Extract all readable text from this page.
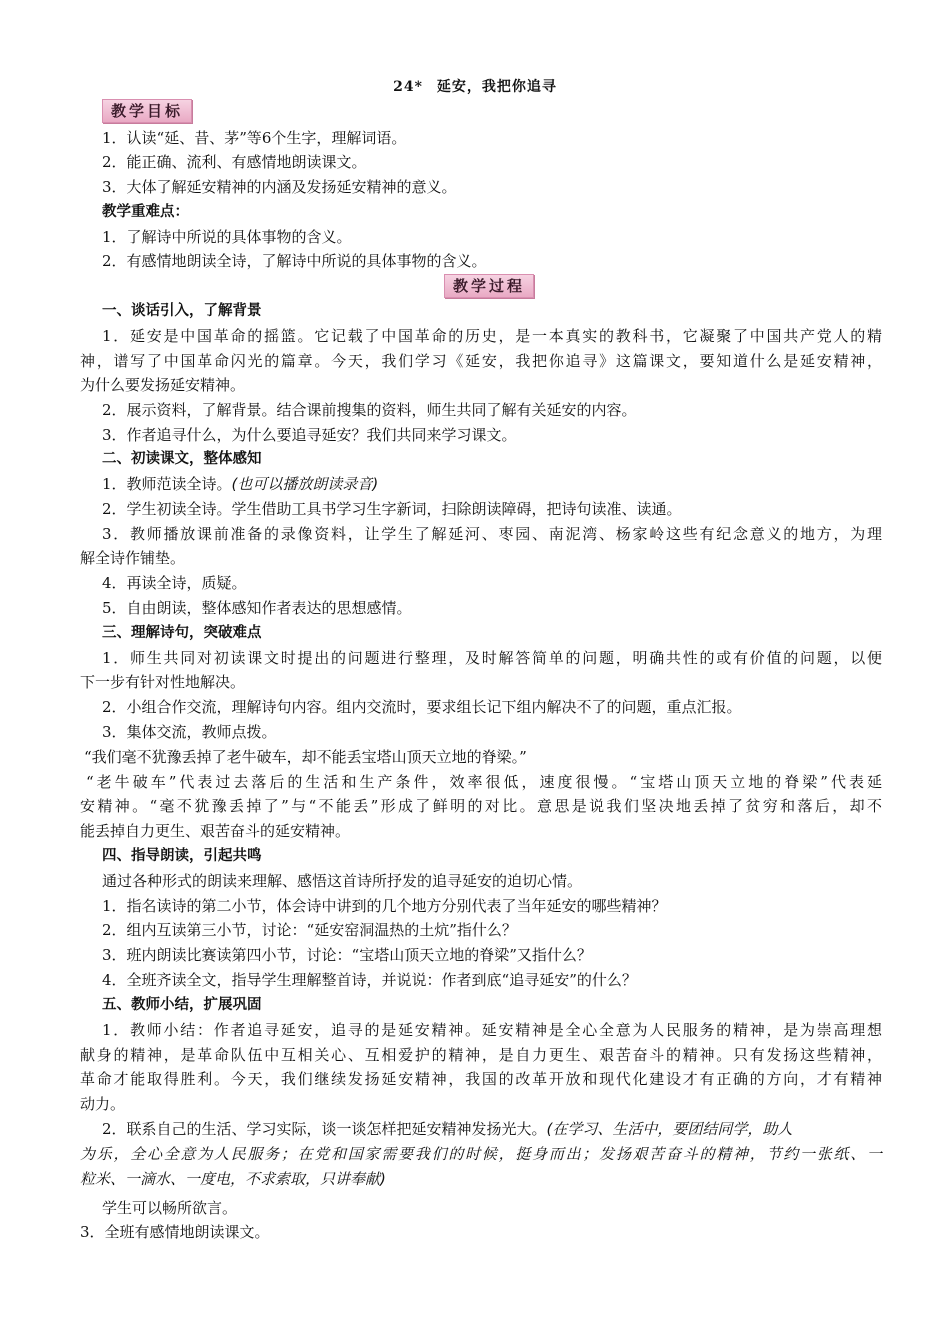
24* 延安，我把你追寻
教学目标
1．认读“延、昔、茅”等6个生字，理解词语。
2．能正确、流利、有感情地朗读课文。
3．大体了解延安精神的内涵及发扬延安精神的意义。
教学重难点：
1．了解诗中所说的具体事物的含义。
2．有感情地朗读全诗，了解诗中所说的具体事物的含义。
教学过程
一、谈话引入，了解背景
1．延安是中国革命的摇篮。它记载了中国革命的历史，是一本真实的教科书，它凝聚了中国共产党人的精
神，谱写了中国革命闪光的篇章。今天，我们学习《延安，我把你追寻》这篇课文，要知道什么是延安精神，
为什么要发扬延安精神。
2．展示资料，了解背景。结合课前搜集的资料，师生共同了解有关延安的内容。
3．作者追寻什么，为什么要追寻延安？我们共同来学习课文。
二、初读课文，整体感知
1．教师范读全诗。(也可以播放朗读录音)
2．学生初读全诗。学生借助工具书学习生字新词，扫除朗读障碍，把诗句读准、读通。
3．教师播放课前准备的录像资料，让学生了解延河、枣园、南泥湾、杨家岭这些有纪念意义的地方，为理
解全诗作铺垫。
4．再读全诗，质疑。
5．自由朗读，整体感知作者表达的思想感情。
三、理解诗句，突破难点
1．师生共同对初读课文时提出的问题进行整理，及时解答简单的问题，明确共性的或有价值的问题，以便
下一步有针对性地解决。
2．小组合作交流，理解诗句内容。组内交流时，要求组长记下组内解决不了的问题，重点汇报。
3．集体交流，教师点拨。
“我们毫不犹豫丢掉了老牛破车，却不能丢宝塔山顶天立地的脊梁。”
“老牛破车”代表过去落后的生活和生产条件，效率很低，速度很慢。“宝塔山顶天立地的脊梁”代表延
安精神。“毫不犹豫丢掉了”与“不能丢”形成了鲜明的对比。意思是说我们坚决地丢掉了贫穷和落后，却不
能丢掉自力更生、艰苦奋斗的延安精神。
四、指导朗读，引起共鸣
通过各种形式的朗读来理解、感悟这首诗所抒发的追寻延安的迫切心情。
1．指名读诗的第二小节，体会诗中讲到的几个地方分别代表了当年延安的哪些精神？
2．组内互读第三小节，讨论：“延安窑洞温热的土炕”指什么？
3．班内朗读比赛读第四小节，讨论：“宝塔山顶天立地的脊梁”又指什么？
4．全班齐读全文，指导学生理解整首诗，并说说：作者到底“追寻延安”的什么？
五、教师小结，扩展巩固
1．教师小结：作者追寻延安，追寻的是延安精神。延安精神是全心全意为人民服务的精神，是为崇高理想
献身的精神，是革命队伍中互相关心、互相爱护的精神，是自力更生、艰苦奋斗的精神。只有发扬这些精神，
革命才能取得胜利。今天，我们继续发扬延安精神，我国的改革开放和现代化建设才有正确的方向，才有精神
动力。
2．联系自己的生活、学习实际，谈一谈怎样把延安精神发扬光大。(在学习、生活中，要团结同学，助人
为乐，全心全意为人民服务；在党和国家需要我们的时候，挺身而出；发扬艰苦奋斗的精神，节约一张纸、一
粒米、一滴水、一度电，不求索取，只讲奉献)
学生可以畅所欲言。
3．全班有感情地朗读课文。
